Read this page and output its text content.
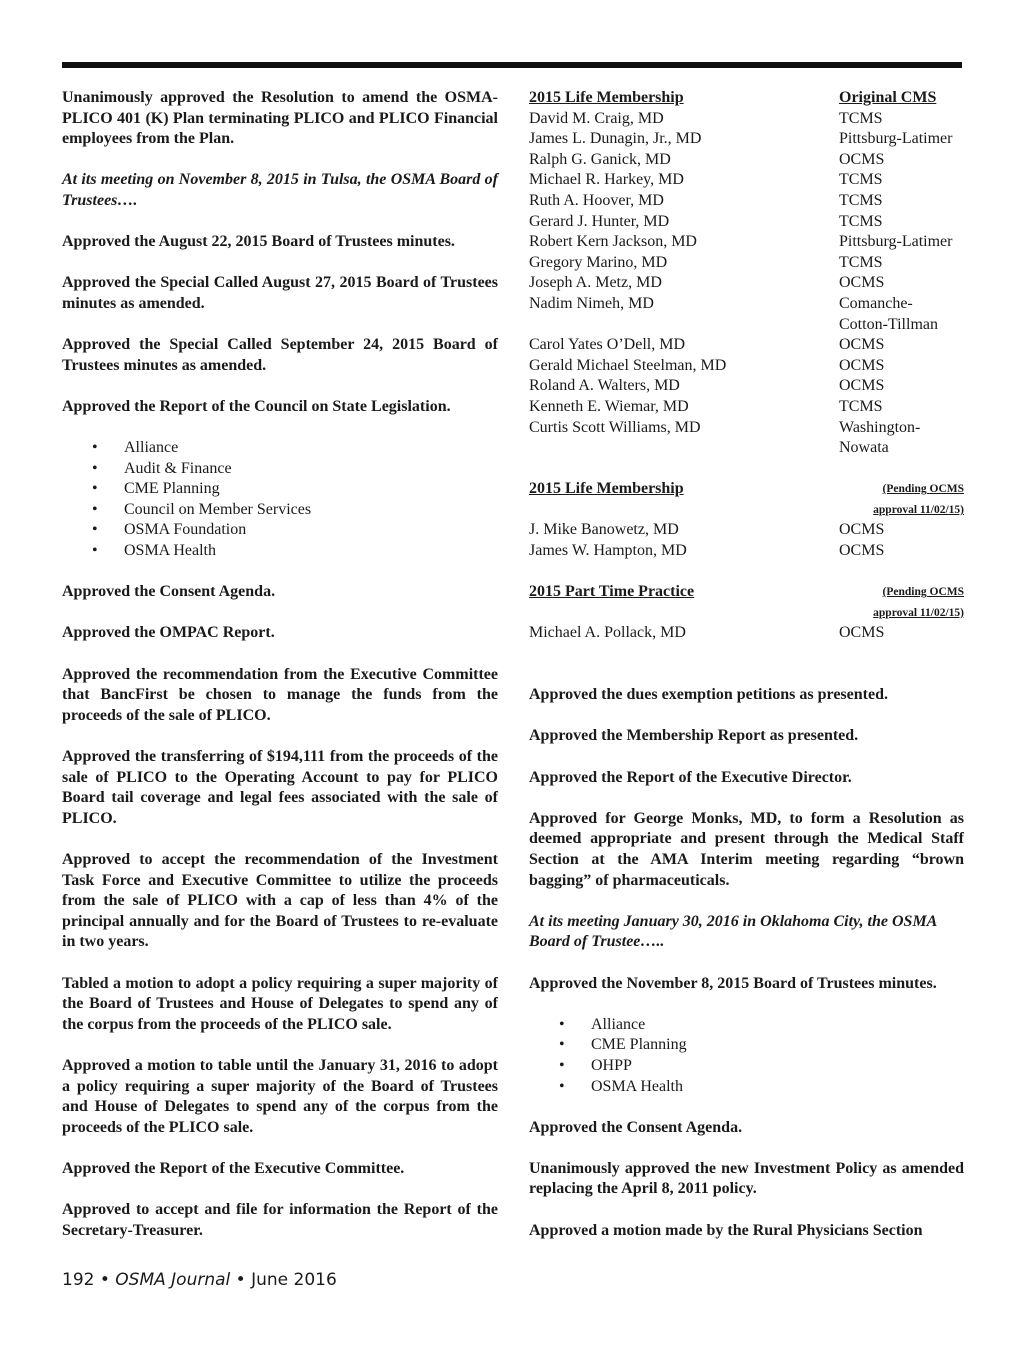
Unanimously approved the Resolution to amend the OSMA-PLICO 401 (K) Plan terminating PLICO and PLICO Financial employees from the Plan.

At its meeting on November 8, 2015 in Tulsa, the OSMA Board of Trustees….

Approved the August 22, 2015 Board of Trustees minutes.

Approved the Special Called August 27, 2015 Board of Trustees minutes as amended.

Approved the Special Called September 24, 2015 Board of Trustees minutes as amended.

Approved the Report of the Council on State Legislation.

• Alliance
• Audit & Finance
• CME Planning
• Council on Member Services
• OSMA Foundation
• OSMA Health

Approved the Consent Agenda.

Approved the OMPAC Report.

Approved the recommendation from the Executive Committee that BancFirst be chosen to manage the funds from the proceeds of the sale of PLICO.

Approved the transferring of $194,111 from the proceeds of the sale of PLICO to the Operating Account to pay for PLICO Board tail coverage and legal fees associated with the sale of PLICO.

Approved to accept the recommendation of the Investment Task Force and Executive Committee to utilize the proceeds from the sale of PLICO with a cap of less than 4% of the principal annually and for the Board of Trustees to re-evaluate in two years.

Tabled a motion to adopt a policy requiring a super majority of the Board of Trustees and House of Delegates to spend any of the corpus from the proceeds of the PLICO sale.

Approved a motion to table until the January 31, 2016 to adopt a policy requiring a super majority of the Board of Trustees and House of Delegates to spend any of the corpus from the proceeds of the PLICO sale.

Approved the Report of the Executive Committee.

Approved to accept and file for information the Report of the Secretary-Treasurer.

2015 Life Membership	Original CMS
David M. Craig, MD	TCMS
James L. Dunagin, Jr., MD	Pittsburg-Latimer
Ralph G. Ganick, MD	OCMS
Michael R. Harkey, MD	TCMS
Ruth A. Hoover, MD	TCMS
Gerard J. Hunter, MD	TCMS
Robert Kern Jackson, MD	Pittsburg-Latimer
Gregory Marino, MD	TCMS
Joseph A. Metz, MD	OCMS
Nadim Nimeh, MD	Comanche-
	Cotton-Tillman
Carol Yates O’Dell, MD	OCMS
Gerald Michael Steelman, MD	OCMS
Roland A. Walters, MD	OCMS
Kenneth E. Wiemar, MD	TCMS
Curtis Scott Williams, MD	Washington-
	Nowata
2015 Life Membership	(Pending OCMS approval 11/02/15)
J. Mike Banowetz, MD	OCMS
James W. Hampton, MD	OCMS
2015 Part Time Practice	(Pending OCMS approval 11/02/15)
Michael A. Pollack, MD	OCMS

Approved the dues exemption petitions as presented.

Approved the Membership Report as presented.

Approved the Report of the Executive Director.

Approved for George Monks, MD, to form a Resolution as deemed appropriate and present through the Medical Staff Section at the AMA Interim meeting regarding “brown bagging” of pharmaceuticals.

At its meeting January 30, 2016 in Oklahoma City, the OSMA Board of Trustee…..

Approved the November 8, 2015 Board of Trustees minutes.

• Alliance
• CME Planning
• OHPP
• OSMA Health

Approved the Consent Agenda.

Unanimously approved the new Investment Policy as amended replacing the April 8, 2011 policy.

Approved a motion made by the Rural Physicians Section

192 • OSMA Journal • June 2016
